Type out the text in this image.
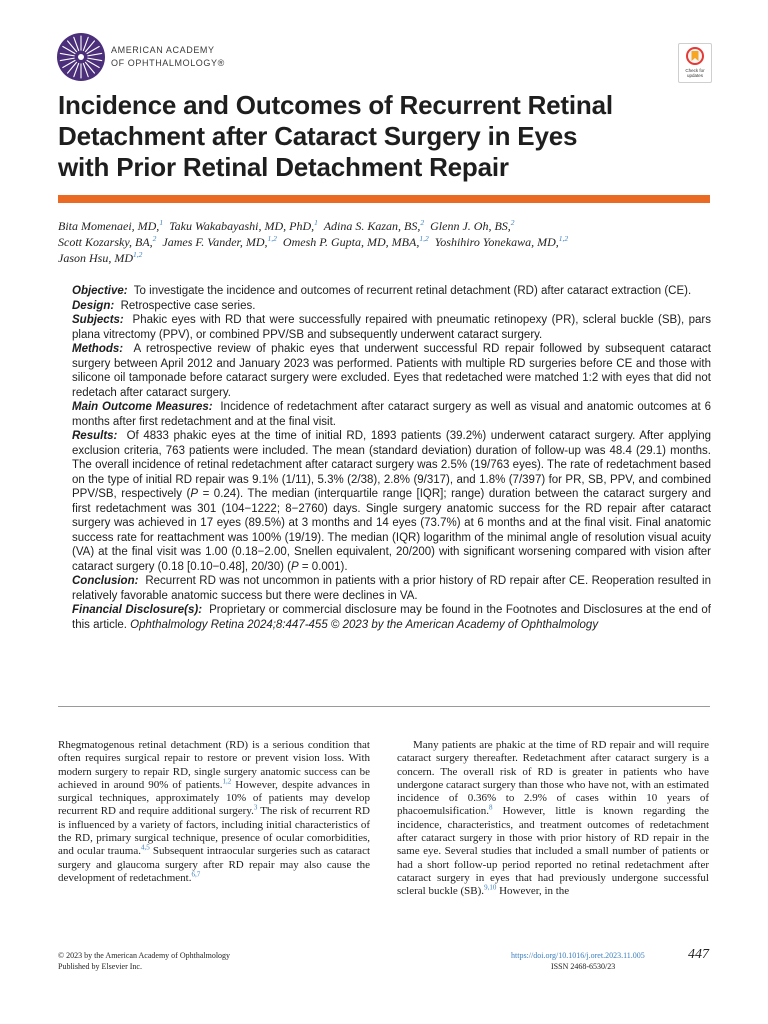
AMERICAN ACADEMY
OF OPHTHALMOLOGY®
Check for
updates
Incidence and Outcomes of Recurrent Retinal
Detachment after Cataract Surgery in Eyes
with Prior Retinal Detachment Repair
Bita Momenaei, MD,$^1$ Taku Wakabayashi, MD, PhD,$^1$ Adina S. Kazan, BS,$^2$ Glenn J. Oh, BS,$^2$
Scott Kozarsky, BA,$^2$ James F. Vander, MD,$^{1,2}$ Omesh P. Gupta, MD, MBA,$^{1,2}$ Yoshihiro Yonekawa, MD,$^{1,2}$
Jason Hsu, MD$^{1,2}$

Objective: To investigate the incidence and outcomes of recurrent retinal detachment (RD) after cataract extraction (CE).

Design: Retrospective case series.

Subjects: Phakic eyes with RD that were successfully repaired with pneumatic retinopexy (PR), scleral buckle (SB), pars plana vitrectomy (PPV), or combined PPV/SB and subsequently underwent cataract surgery.

Methods: A retrospective review of phakic eyes that underwent successful RD repair followed by subsequent cataract surgery between April 2012 and January 2023 was performed. Patients with multiple RD surgeries before CE and those with silicone oil tamponade before cataract surgery were excluded. Eyes that redetached were matched 1:2 with eyes that did not redetach after cataract surgery.

Main Outcome Measures: Incidence of redetachment after cataract surgery as well as visual and anatomic outcomes at 6 months after first redetachment and at the final visit.

Results: Of 4833 phakic eyes at the time of initial RD, 1893 patients (39.2%) underwent cataract surgery. After applying exclusion criteria, 763 patients were included. The mean (standard deviation) duration of follow-up was 48.4 (29.1) months. The overall incidence of retinal redetachment after cataract surgery was 2.5% (19/763 eyes). The rate of redetachment based on the type of initial RD repair was 9.1% (1/11), 5.3% (2/38), 2.8% (9/317), and 1.8% (7/397) for PR, SB, PPV, and combined PPV/SB, respectively (P = 0.24). The median (interquartile range [IQR]; range) duration between the cataract surgery and first redetachment was 301 (104−1222; 8−2760) days. Single surgery anatomic success for the RD repair after cataract surgery was achieved in 17 eyes (89.5%) at 3 months and 14 eyes (73.7%) at 6 months and at the final visit. Final anatomic success rate for reattachment was 100% (19/19). The median (IQR) logarithm of the minimal angle of resolution visual acuity (VA) at the final visit was 1.00 (0.18−2.00, Snellen equivalent, 20/200) with significant worsening compared with vision after cataract surgery (0.18 [0.10−0.48], 20/30) (P = 0.001).

Conclusion: Recurrent RD was not uncommon in patients with a prior history of RD repair after CE. Reoperation resulted in relatively favorable anatomic success but there were declines in VA.

Financial Disclosure(s): Proprietary or commercial disclosure may be found in the Footnotes and Disclosures at the end of this article. Ophthalmology Retina 2024;8:447-455 © 2023 by the American Academy of Ophthalmology

Rhegmatogenous retinal detachment (RD) is a serious condition that often requires surgical repair to restore or prevent vision loss. With modern surgery to repair RD, single surgery anatomic success can be achieved in around 90% of patients.$^{1,2}$ However, despite advances in surgical techniques, approximately 10% of patients may develop recurrent RD and require additional surgery.$^3$ The risk of recurrent RD is influenced by a variety of factors, including initial characteristics of the RD, primary surgical technique, presence of ocular comorbidities, and ocular trauma.$^{4,5}$ Subsequent intraocular surgeries such as cataract surgery and glaucoma surgery after RD repair may also cause the development of redetachment.$^{6,7}$

Many patients are phakic at the time of RD repair and will require cataract surgery thereafter. Redetachment after cataract surgery is a concern. The overall risk of RD is greater in patients who have undergone cataract surgery than those who have not, with an estimated incidence of 0.36% to 2.9% of cases within 10 years of phacoemulsification.$^8$ However, little is known regarding the incidence, characteristics, and treatment outcomes of redetachment after cataract surgery in those with prior history of RD repair in the same eye. Several studies that included a small number of patients or had a short follow-up period reported no retinal redetachment after cataract surgery in eyes that had previously undergone successful scleral buckle (SB).$^{9,10}$ However, in the

© 2023 by the American Academy of Ophthalmology
Published by Elsevier Inc.
https://doi.org/10.1016/j.oret.2023.11.005
ISSN 2468-6530/23
447
